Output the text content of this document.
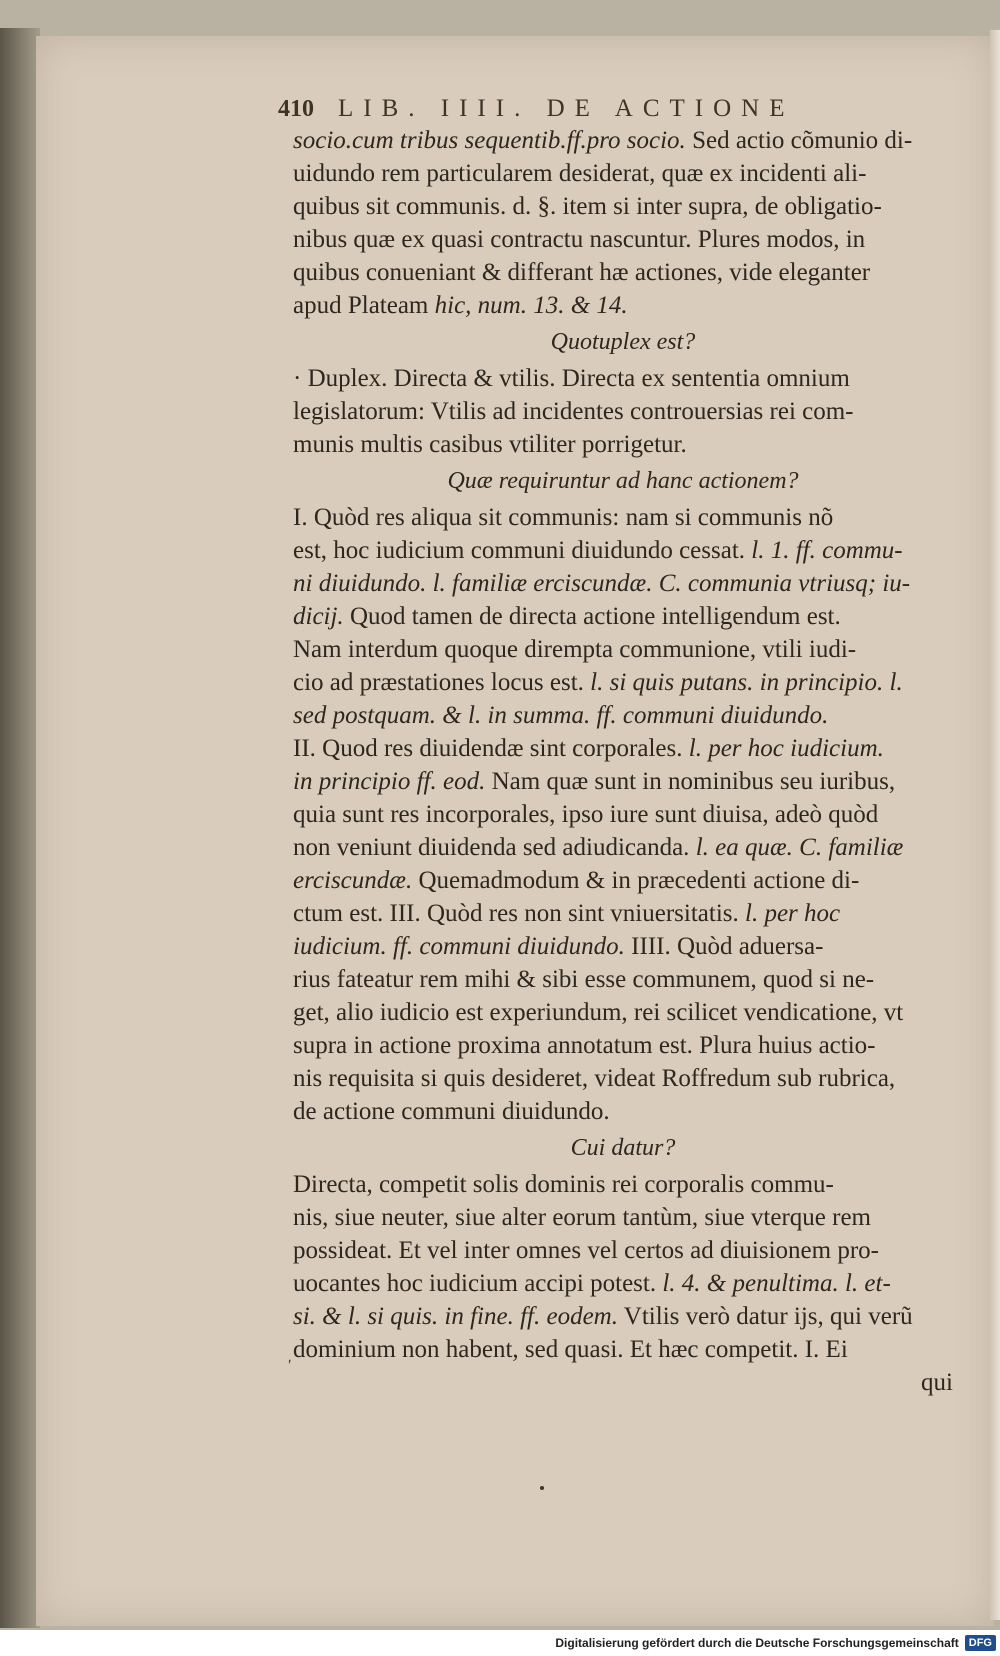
410 LIB. IIII. DE ACTIONE
socio.cum tribus sequentib.ff.pro socio. Sed actio cõmunio di-
uidundo rem particularem desiderat, quæ ex incidenti ali-
quibus sit communis. d. §. item si inter supra, de obligatio-
nibus quæ ex quasi contractu nascuntur. Plures modos, in
quibus conueniant & differant hæ actiones, vide eleganter
apud Plateam hic, num. 13. & 14.
Quotuplex est?
· Duplex. Directa & vtilis. Directa ex sententia omnium
legislatorum: Vtilis ad incidentes controuersias rei com-
munis multis casibus vtiliter porrigetur.
Quæ requiruntur ad hanc actionem?
I. Quòd res aliqua sit communis: nam si communis nõ
est, hoc iudicium communi diuidundo cessat. l. 1. ff. commu-
ni diuidundo. l. familiæ erciscundæ. C. communia vtriusq; iu-
dicij. Quod tamen de directa actione intelligendum est.
Nam interdum quoque dirempta communione, vtili iudi-
cio ad præstationes locus est. l. si quis putans. in principio. l.
sed postquam. & l. in summa. ff. communi diuidundo.
II. Quod res diuidendæ sint corporales. l. per hoc iudicium.
in principio ff. eod. Nam quæ sunt in nominibus seu iuribus,
quia sunt res incorporales, ipso iure sunt diuisa, adeò quòd
non veniunt diuidenda sed adiudicanda. l. ea quæ. C. familiæ
erciscundæ. Quemadmodum & in præcedenti actione di-
ctum est. III. Quòd res non sint vniuersitatis. l. per hoc
iudicium. ff. communi diuidundo. IIII. Quòd aduersa-
rius fateatur rem mihi & sibi esse communem, quod si ne-
get, alio iudicio est experiundum, rei scilicet vendicatione, vt
supra in actione proxima annotatum est. Plura huius actio-
nis requisita si quis desideret, videat Roffredum sub rubrica,
de actione communi diuidundo.
Cui datur?
Directa, competit solis dominis rei corporalis commu-
nis, siue neuter, siue alter eorum tantùm, siue vterque rem
possideat. Et vel inter omnes vel certos ad diuisionem pro-
uocantes hoc iudicium accipi potest. l. 4. & penultima. l. et-
si. & l. si quis. in fine. ff. eodem. Vtilis verò datur ijs, qui verũ
dominium non habent, sed quasi. Et hæc competit. I. Ei
qui
ʹ
Digitalisierung gefördert durch die Deutsche Forschungsgemeinschaft DFG
